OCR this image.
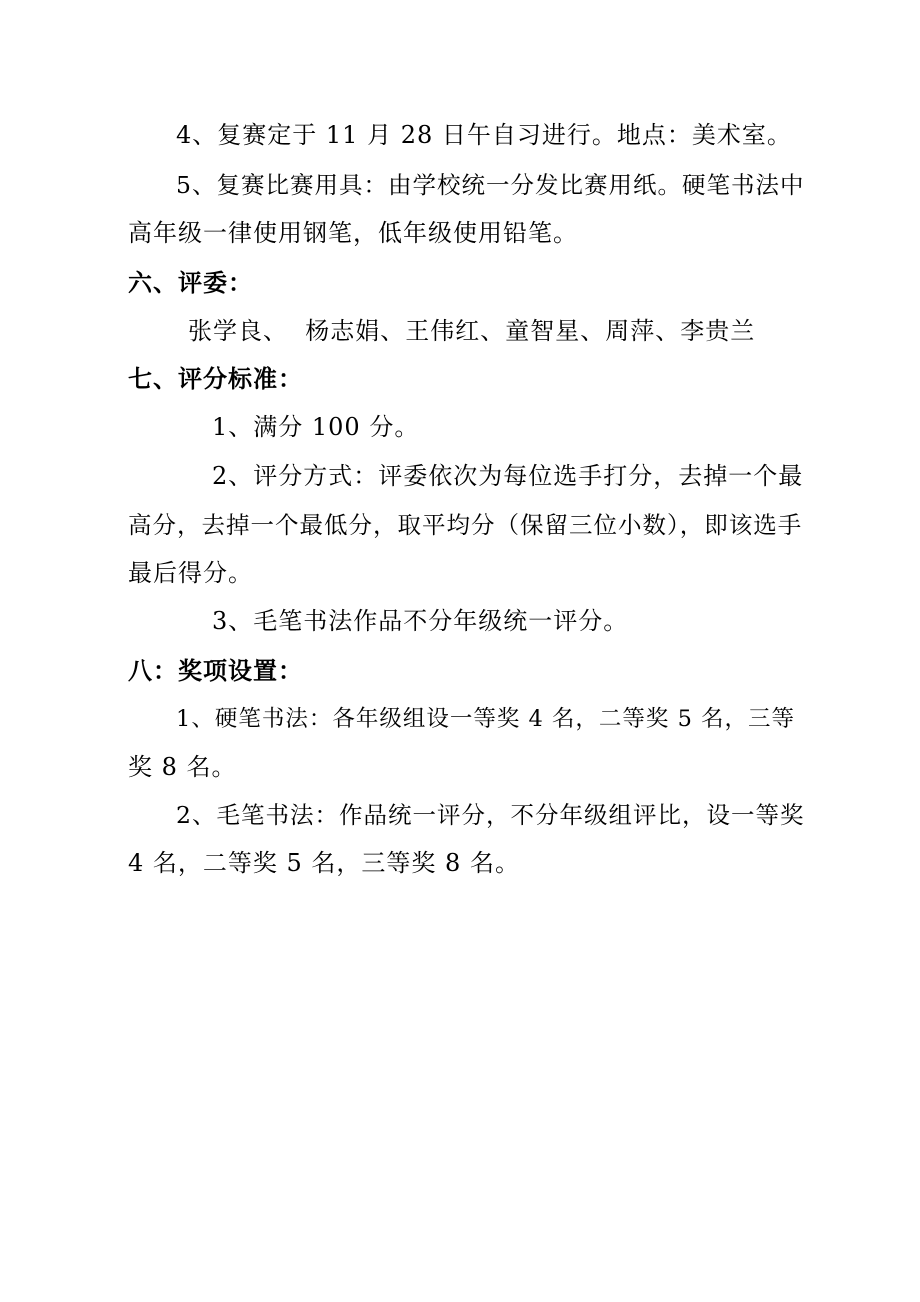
4、复赛定于 11 月 28 日午自习进行。地点：美术室。
5、复赛比赛用具：由学校统一分发比赛用纸。硬笔书法中
高年级一律使用钢笔，低年级使用铅笔。
六、评委：
张学良、  杨志娟、王伟红、童智星、周萍、李贵兰
七、评分标准：
1、满分 100 分。
2、评分方式：评委依次为每位选手打分，去掉一个最
高分，去掉一个最低分，取平均分（保留三位小数），即该选手
最后得分。
3、毛笔书法作品不分年级统一评分。
八：奖项设置：
1、硬笔书法：各年级组设一等奖 4 名，二等奖 5 名，三等
奖 8 名。
2、毛笔书法：作品统一评分，不分年级组评比，设一等奖
4 名，二等奖 5 名，三等奖 8 名。
